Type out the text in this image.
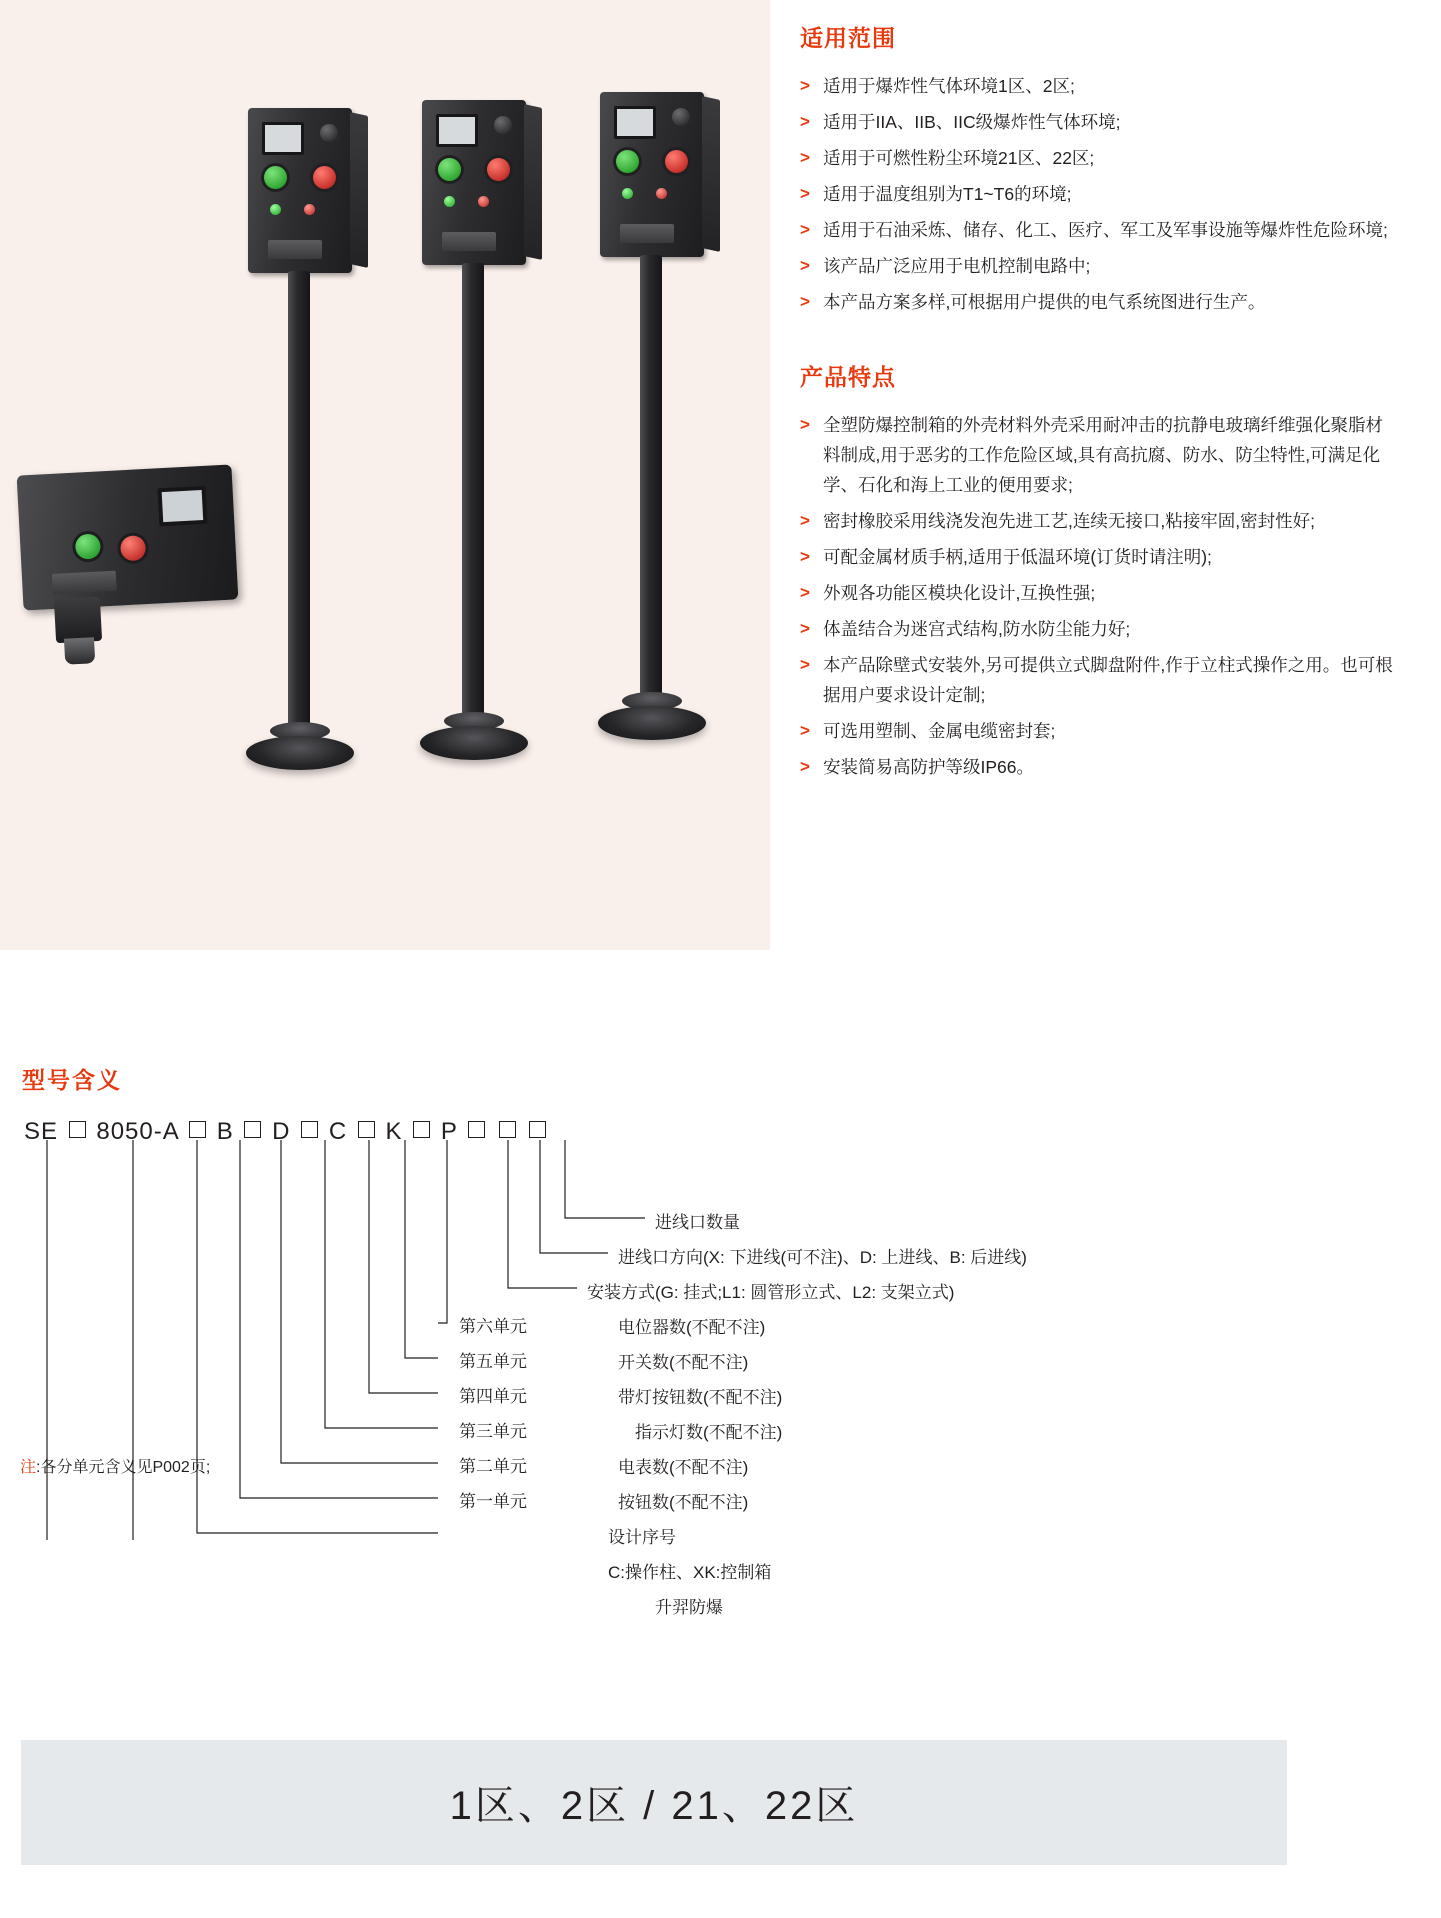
适用范围
> 适用于爆炸性气体环境1区、2区;
> 适用于IIA、IIB、IIC级爆炸性气体环境;
> 适用于可燃性粉尘环境21区、22区;
> 适用于温度组别为T1~T6的环境;
> 适用于石油采炼、储存、化工、医疗、军工及军事设施等爆炸性危险环境;
> 该产品广泛应用于电机控制电路中;
> 本产品方案多样,可根据用户提供的电气系统图进行生产。
产品特点
> 全塑防爆控制箱的外壳材料外壳采用耐冲击的抗静电玻璃纤维强化聚脂材料制成,用于恶劣的工作危险区域,具有高抗腐、防水、防尘特性,可满足化学、石化和海上工业的便用要求;
> 密封橡胶采用线浇发泡先进工艺,连续无接口,粘接牢固,密封性好;
> 可配金属材质手柄,适用于低温环境(订货时请注明);
> 外观各功能区模块化设计,互换性强;
> 体盖结合为迷宫式结构,防水防尘能力好;
> 本产品除壁式安装外,另可提供立式脚盘附件,作于立柱式操作之用。也可根据用户要求设计定制;
> 可选用塑制、金属电缆密封套;
> 安装简易高防护等级IP66。
型号含义
SE 8050-A B D C K P
第六单元
第五单元
第四单元
第三单元
第二单元
第一单元
进线口数量
进线口方向(X: 下进线(可不注)、D: 上进线、B: 后进线)
安装方式(G: 挂式;L1: 圆管形立式、L2: 支架立式)
电位器数(不配不注)
开关数(不配不注)
带灯按钮数(不配不注)
指示灯数(不配不注)
电表数(不配不注)
按钮数(不配不注)
设计序号
C:操作柱、XK:控制箱
升羿防爆
注:各分单元含义见P002页;
1区、2区 / 21、22区
